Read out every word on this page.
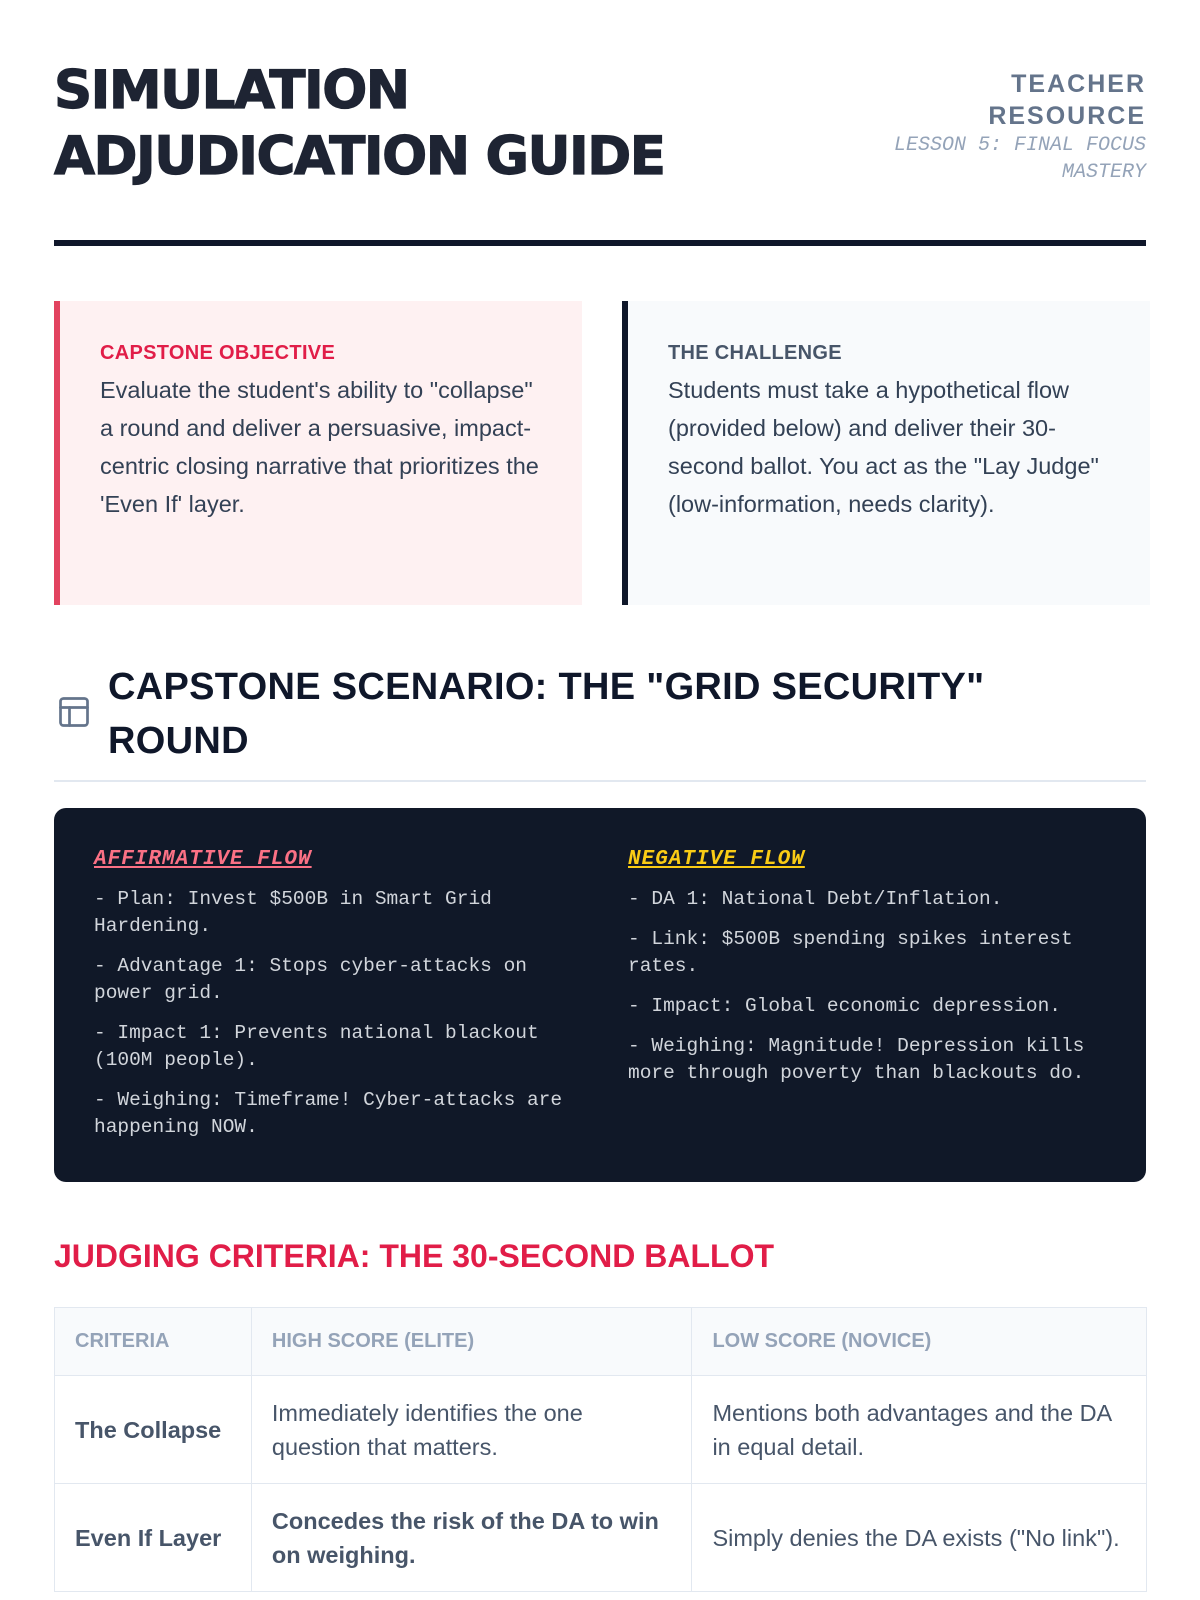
SIMULATION
ADJUDICATION GUIDE
TEACHER
RESOURCE
LESSON 5: FINAL FOCUS
MASTERY
CAPSTONE OBJECTIVE

Evaluate the student's ability to "collapse" a round and deliver a persuasive, impact-centric closing narrative that prioritizes the 'Even If' layer.

THE CHALLENGE

Students must take a hypothetical flow (provided below) and deliver their 30-second ballot. You act as the "Lay Judge" (low-information, needs clarity).

CAPSTONE SCENARIO: THE "GRID SECURITY" ROUND
AFFIRMATIVE FLOW
- Plan: Invest $500B in Smart Grid Hardening.
- Advantage 1: Stops cyber-attacks on power grid.
- Impact 1: Prevents national blackout (100M people).
- Weighing: Timeframe! Cyber-attacks are happening NOW.
NEGATIVE FLOW
- DA 1: National Debt/Inflation.
- Link: $500B spending spikes interest rates.
- Impact: Global economic depression.
- Weighing: Magnitude! Depression kills more through poverty than blackouts do.
JUDGING CRITERIA: THE 30-SECOND BALLOT
CRITERIA	HIGH SCORE (ELITE)	LOW SCORE (NOVICE)
The Collapse	Immediately identifies the one question that matters.	Mentions both advantages and the DA in equal detail.
Even If Layer	Concedes the risk of the DA to win on weighing.	Simply denies the DA exists ("No link").
